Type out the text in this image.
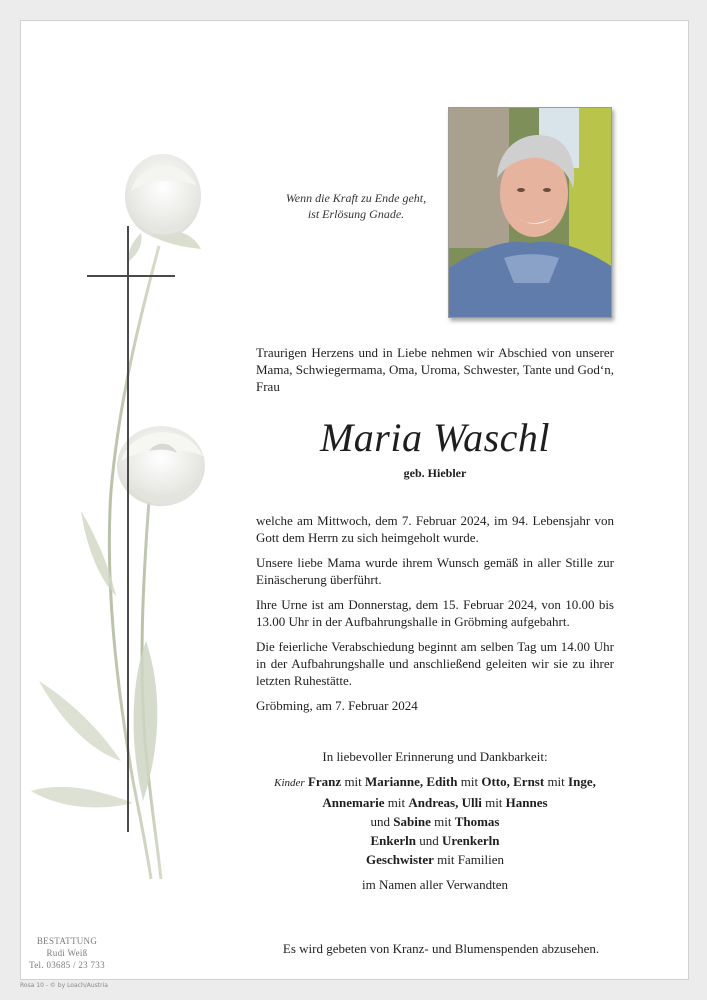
Wenn die Kraft zu Ende geht,
ist Erlösung Gnade.
Traurigen Herzens und in Liebe nehmen wir Abschied von unserer Mama, Schwiegermama, Oma, Uroma, Schwester, Tante und God‘n, Frau
Maria Waschl
geb. Hiebler

welche am Mittwoch, dem 7. Februar 2024, im 94. Lebensjahr von Gott dem Herrn zu sich heimgeholt wurde.

Unsere liebe Mama wurde ihrem Wunsch gemäß in aller Stille zur Einäscherung überführt.

Ihre Urne ist am Donnerstag, dem 15. Februar 2024, von 10.00 bis 13.00 Uhr in der Aufbahrungshalle in Gröbming aufgebahrt.

Die feierliche Verabschiedung beginnt am selben Tag um 14.00 Uhr in der Aufbahrungshalle und anschließend geleiten wir sie zu ihrer letzten Ruhestätte.

Gröbming, am 7. Februar 2024

In liebevoller Erinnerung und Dankbarkeit:
Kinder Franz mit Marianne, Edith mit Otto, Ernst mit Inge,
Annemarie mit Andreas, Ulli mit Hannes
und Sabine mit Thomas
Enkerln und Urenkerln
Geschwister mit Familien
im Namen aller Verwandten
Es wird gebeten von Kranz- und Blumenspenden abzusehen.
BESTATTUNG
Rudi Weiß
Tel. 03685 / 23 733
Rosa 10 - © by Loach/Austria
